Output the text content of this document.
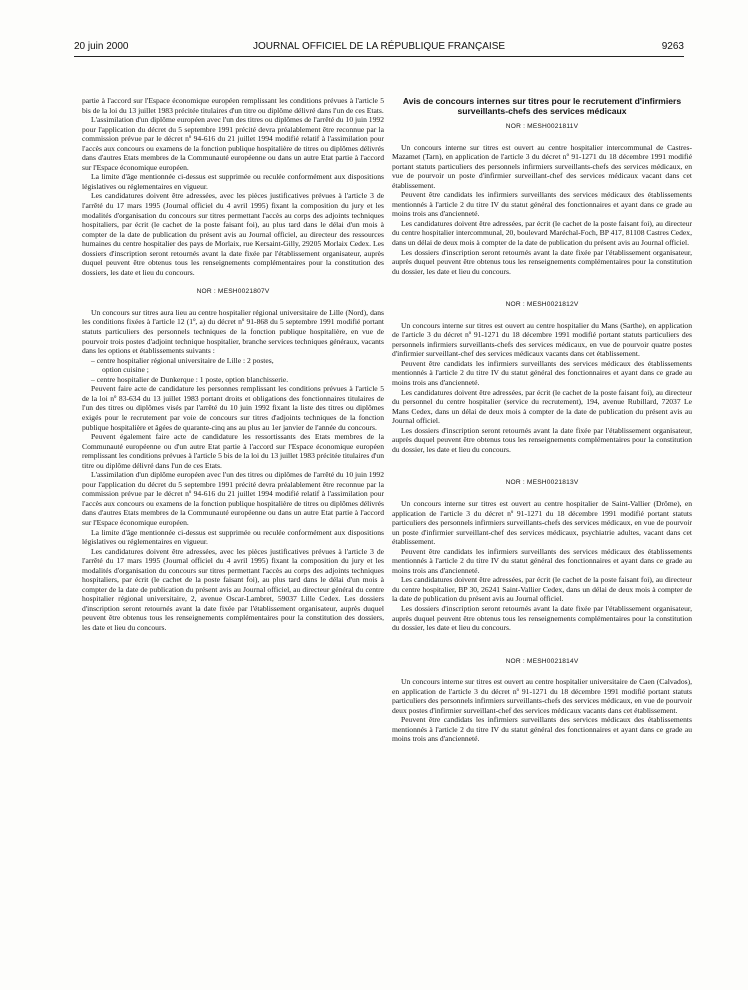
20 juin 2000	JOURNAL OFFICIEL DE LA RÉPUBLIQUE FRANÇAISE	9263

partie à l'accord sur l'Espace économique européen remplissant les conditions prévues à l'article 5 bis de la loi du 13 juillet 1983 précitée titulaires d'un titre ou diplôme délivré dans l'un de ces Etats.

L'assimilation d'un diplôme européen avec l'un des titres ou diplômes de l'arrêté du 10 juin 1992 pour l'application du décret du 5 septembre 1991 précité devra préalablement être reconnue par la commission prévue par le décret nº 94-616 du 21 juillet 1994 modifié relatif à l'assimilation pour l'accès aux concours ou examens de la fonction publique hospitalière de titres ou diplômes délivrés dans d'autres Etats membres de la Communauté européenne ou dans un autre Etat partie à l'accord sur l'Espace économique européen.

La limite d'âge mentionnée ci-dessus est supprimée ou reculée conformément aux dispositions législatives ou réglementaires en vigueur.

Les candidatures doivent être adressées, avec les pièces justificatives prévues à l'article 3 de l'arrêté du 17 mars 1995 (Journal officiel du 4 avril 1995) fixant la composition du jury et les modalités d'organisation du concours sur titres permettant l'accès au corps des adjoints techniques hospitaliers, par écrit (le cachet de la poste faisant foi), au plus tard dans le délai d'un mois à compter de la date de publication du présent avis au Journal officiel, au directeur des ressources humaines du centre hospitalier des pays de Morlaix, rue Kersaint-Gilly, 29205 Morlaix Cedex. Les dossiers d'inscription seront retournés avant la date fixée par l'établissement organisateur, auprès duquel peuvent être obtenus tous les renseignements complémentaires pour la constitution des dossiers, les date et lieu du concours.

NOR : MESH0021807V

Un concours sur titres aura lieu au centre hospitalier régional universitaire de Lille (Nord), dans les conditions fixées à l'article 12 (1º, a) du décret nº 91-868 du 5 septembre 1991 modifié portant statuts particuliers des personnels techniques de la fonction publique hospitalière, en vue de pourvoir trois postes d'adjoint technique hospitalier, branche services techniques généraux, vacants dans les options et établissements suivants :

– centre hospitalier régional universitaire de Lille : 2 postes,

option cuisine ;

– centre hospitalier de Dunkerque : 1 poste, option blanchisserie.

Peuvent faire acte de candidature les personnes remplissant les conditions prévues à l'article 5 de la loi nº 83-634 du 13 juillet 1983 portant droits et obligations des fonctionnaires titulaires de l'un des titres ou diplômes visés par l'arrêté du 10 juin 1992 fixant la liste des titres ou diplômes exigés pour le recrutement par voie de concours sur titres d'adjoints techniques de la fonction publique hospitalière et âgées de quarante-cinq ans au plus au 1er janvier de l'année du concours.

Peuvent également faire acte de candidature les ressortissants des Etats membres de la Communauté européenne ou d'un autre Etat partie à l'accord sur l'Espace économique européen remplissant les conditions prévues à l'article 5 bis de la loi du 13 juillet 1983 précitée titulaires d'un titre ou diplôme délivré dans l'un de ces Etats.

L'assimilation d'un diplôme européen avec l'un des titres ou diplômes de l'arrêté du 10 juin 1992 pour l'application du décret du 5 septembre 1991 précité devra préalablement être reconnue par la commission prévue par le décret nº 94-616 du 21 juillet 1994 modifié relatif à l'assimilation pour l'accès aux concours ou examens de la fonction publique hospitalière de titres ou diplômes délivrés dans d'autres Etats membres de la Communauté européenne ou dans un autre Etat partie à l'accord sur l'Espace économique européen.

La limite d'âge mentionnée ci-dessus est supprimée ou reculée conformément aux dispositions législatives ou réglementaires en vigueur.

Les candidatures doivent être adressées, avec les pièces justificatives prévues à l'article 3 de l'arrêté du 17 mars 1995 (Journal officiel du 4 avril 1995) fixant la composition du jury et les modalités d'organisation du concours sur titres permettant l'accès au corps des adjoints techniques hospitaliers, par écrit (le cachet de la poste faisant foi), au plus tard dans le délai d'un mois à compter de la date de publication du présent avis au Journal officiel, au directeur général du centre hospitalier régional universitaire, 2, avenue Oscar-Lambret, 59037 Lille Cedex. Les dossiers d'inscription seront retournés avant la date fixée par l'établissement organisateur, auprès duquel peuvent être obtenus tous les renseignements complémentaires pour la constitution des dossiers, les date et lieu du concours.

Avis de concours internes sur titres pour le recrutement d'infirmiers surveillants-chefs des services médicaux
NOR : MESH0021811V

Un concours interne sur titres est ouvert au centre hospitalier intercommunal de Castres-Mazamet (Tarn), en application de l'article 3 du décret nº 91-1271 du 18 décembre 1991 modifié portant statuts particuliers des personnels infirmiers surveillants-chefs des services médicaux, en vue de pourvoir un poste d'infirmier surveillant-chef des services médicaux vacant dans cet établissement.

Peuvent être candidats les infirmiers surveillants des services médicaux des établissements mentionnés à l'article 2 du titre IV du statut général des fonctionnaires et ayant dans ce grade au moins trois ans d'ancienneté.

Les candidatures doivent être adressées, par écrit (le cachet de la poste faisant foi), au directeur du centre hospitalier intercommunal, 20, boulevard Maréchal-Foch, BP 417, 81108 Castres Cedex, dans un délai de deux mois à compter de la date de publication du présent avis au Journal officiel.

Les dossiers d'inscription seront retournés avant la date fixée par l'établissement organisateur, auprès duquel peuvent être obtenus tous les renseignements complémentaires pour la constitution du dossier, les date et lieu du concours.

NOR : MESH0021812V

Un concours interne sur titres est ouvert au centre hospitalier du Mans (Sarthe), en application de l'article 3 du décret nº 91-1271 du 18 décembre 1991 modifié portant statuts particuliers des personnels infirmiers surveillants-chefs des services médicaux, en vue de pourvoir quatre postes d'infirmier surveillant-chef des services médicaux vacants dans cet établissement.

Peuvent être candidats les infirmiers surveillants des services médicaux des établissements mentionnés à l'article 2 du titre IV du statut général des fonctionnaires et ayant dans ce grade au moins trois ans d'ancienneté.

Les candidatures doivent être adressées, par écrit (le cachet de la poste faisant foi), au directeur du personnel du centre hospitalier (service du recrutement), 194, avenue Rubillard, 72037 Le Mans Cedex, dans un délai de deux mois à compter de la date de publication du présent avis au Journal officiel.

Les dossiers d'inscription seront retournés avant la date fixée par l'établissement organisateur, auprès duquel peuvent être obtenus tous les renseignements complémentaires pour la constitution du dossier, les date et lieu du concours.

NOR : MESH0021813V

Un concours interne sur titres est ouvert au centre hospitalier de Saint-Vallier (Drôme), en application de l'article 3 du décret nº 91-1271 du 18 décembre 1991 modifié portant statuts particuliers des personnels infirmiers surveillants-chefs des services médicaux, en vue de pourvoir un poste d'infirmier surveillant-chef des services médicaux, psychiatrie adultes, vacant dans cet établissement.

Peuvent être candidats les infirmiers surveillants des services médicaux des établissements mentionnés à l'article 2 du titre IV du statut général des fonctionnaires et ayant dans ce grade au moins trois ans d'ancienneté.

Les candidatures doivent être adressées, par écrit (le cachet de la poste faisant foi), au directeur du centre hospitalier, BP 30, 26241 Saint-Vallier Cedex, dans un délai de deux mois à compter de la date de publication du présent avis au Journal officiel.

Les dossiers d'inscription seront retournés avant la date fixée par l'établissement organisateur, auprès duquel peuvent être obtenus tous les renseignements complémentaires pour la constitution du dossier, les date et lieu du concours.

NOR : MESH0021814V

Un concours interne sur titres est ouvert au centre hospitalier universitaire de Caen (Calvados), en application de l'article 3 du décret nº 91-1271 du 18 décembre 1991 modifié portant statuts particuliers des personnels infirmiers surveillants-chefs des services médicaux, en vue de pourvoir deux postes d'infirmier surveillant-chef des services médicaux vacants dans cet établissement.

Peuvent être candidats les infirmiers surveillants des services médicaux des établissements mentionnés à l'article 2 du titre IV du statut général des fonctionnaires et ayant dans ce grade au moins trois ans d'ancienneté.
